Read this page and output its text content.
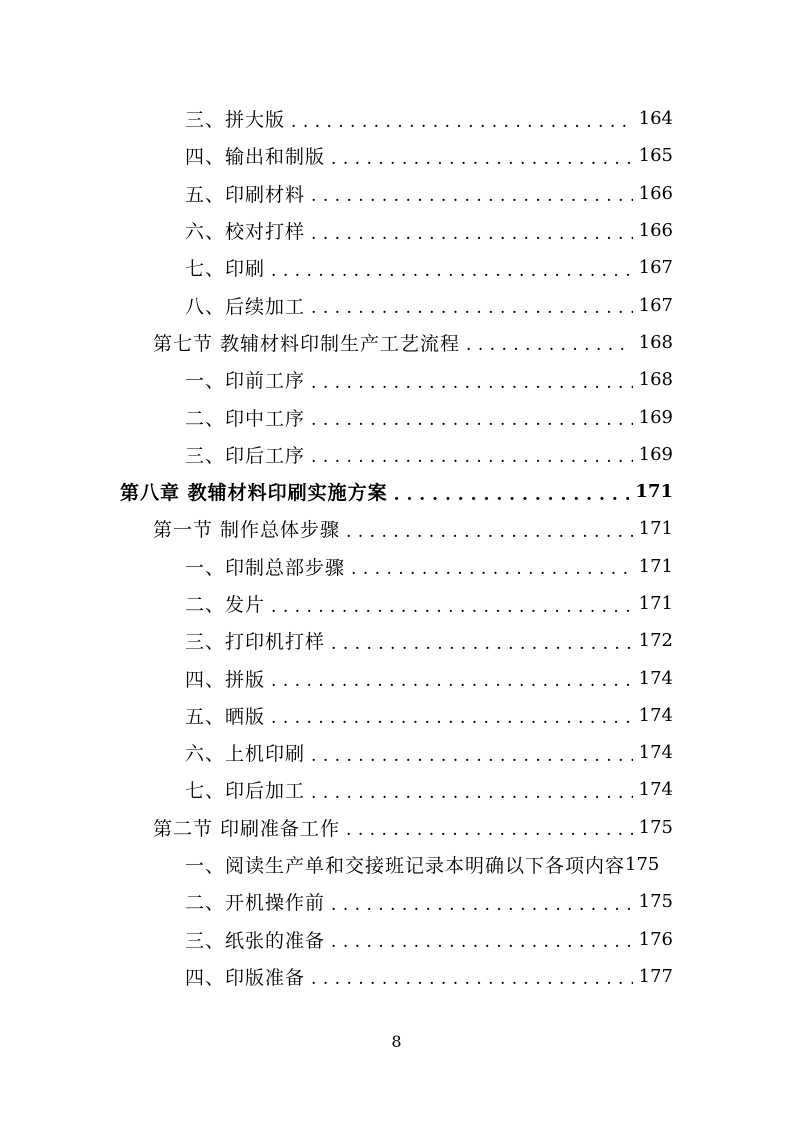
三、拼大版 . . .	164
四、输出和制版 . . .	165
五、印刷材料 . . .	166
六、校对打样 . . .	166
七、印刷 . . .	167
八、后续加工 . . .	167
第七节 教辅材料印制生产工艺流程 . . .	168
一、印前工序 . . .	168
二、印中工序 . . .	169
三、印后工序 . . .	169
第八章 教辅材料印刷实施方案 . . .	171
第一节 制作总体步骤 . . .	171
一、印制总部步骤 . . .	171
二、发片 . . .	171
三、打印机打样 . . .	172
四、拼版 . . .	174
五、晒版 . . .	174
六、上机印刷 . . .	174
七、印后加工 . . .	174
第二节 印刷准备工作 . . .	175
一、阅读生产单和交接班记录本明确以下各项内容 175
二、开机操作前 . . .	175
三、纸张的准备 . . .	176
四、印版准备 . . .	177
8
